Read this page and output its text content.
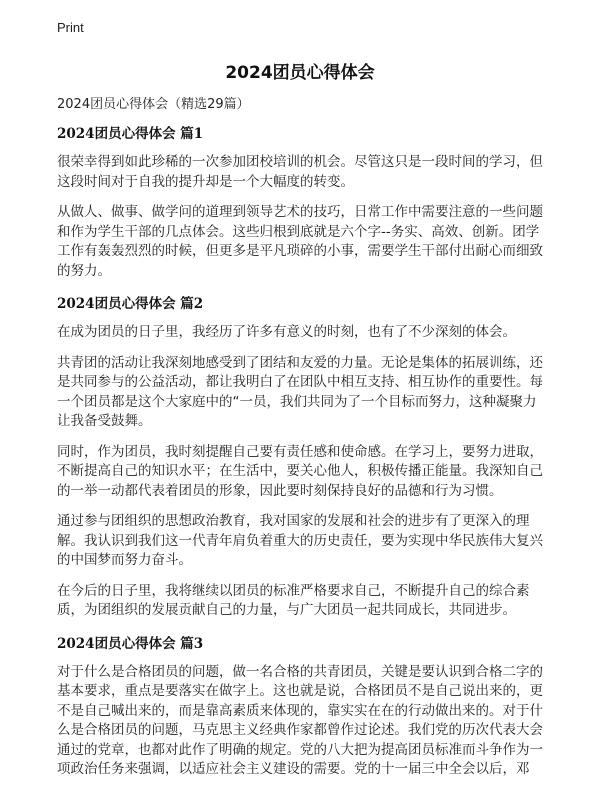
Print
2024团员心得体会
2024团员心得体会（精选29篇）
2024团员心得体会 篇1

很荣幸得到如此珍稀的一次参加团校培训的机会。尽管这只是一段时间的学习，但这段时间对于自我的提升却是一个大幅度的转变。

从做人、做事、做学问的道理到领导艺术的技巧，日常工作中需要注意的一些问题和作为学生干部的几点体会。这些归根到底就是六个字--务实、高效、创新。团学工作有轰轰烈烈的时候，但更多是平凡琐碎的小事，需要学生干部付出耐心而细致的努力。

2024团员心得体会 篇2

在成为团员的日子里，我经历了许多有意义的时刻，也有了不少深刻的体会。

共青团的活动让我深刻地感受到了团结和友爱的力量。无论是集体的拓展训练，还是共同参与的公益活动，都让我明白了在团队中相互支持、相互协作的重要性。每一个团员都是这个大家庭中的“一员，我们共同为了一个目标而努力，这种凝聚力让我备受鼓舞。

同时，作为团员，我时刻提醒自己要有责任感和使命感。在学习上，要努力进取，不断提高自己的知识水平；在生活中，要关心他人，积极传播正能量。我深知自己的一举一动都代表着团员的形象，因此要时刻保持良好的品德和行为习惯。

通过参与团组织的思想政治教育，我对国家的发展和社会的进步有了更深入的理解。我认识到我们这一代青年肩负着重大的历史责任，要为实现中华民族伟大复兴的中国梦而努力奋斗。

在今后的日子里，我将继续以团员的标准严格要求自己，不断提升自己的综合素质，为团组织的发展贡献自己的力量，与广大团员一起共同成长，共同进步。

2024团员心得体会 篇3

对于什么是合格团员的问题，做一名合格的共青团员，关键是要认识到合格二字的基本要求，重点是要落实在做字上。这也就是说，合格团员不是自己说出来的，更不是自己喊出来的，而是靠高素质来体现的，靠实实在在的行动做出来的。对于什么是合格团员的问题，马克思主义经典作家都曾作过论述。我们党的历次代表大会通过的党章，也都对此作了明确的规定。党的八大把为提高团员标准而斗争作为一项政治任务来强调，以适应社会主义建设的需要。党的十一届三中全会以后，邓
